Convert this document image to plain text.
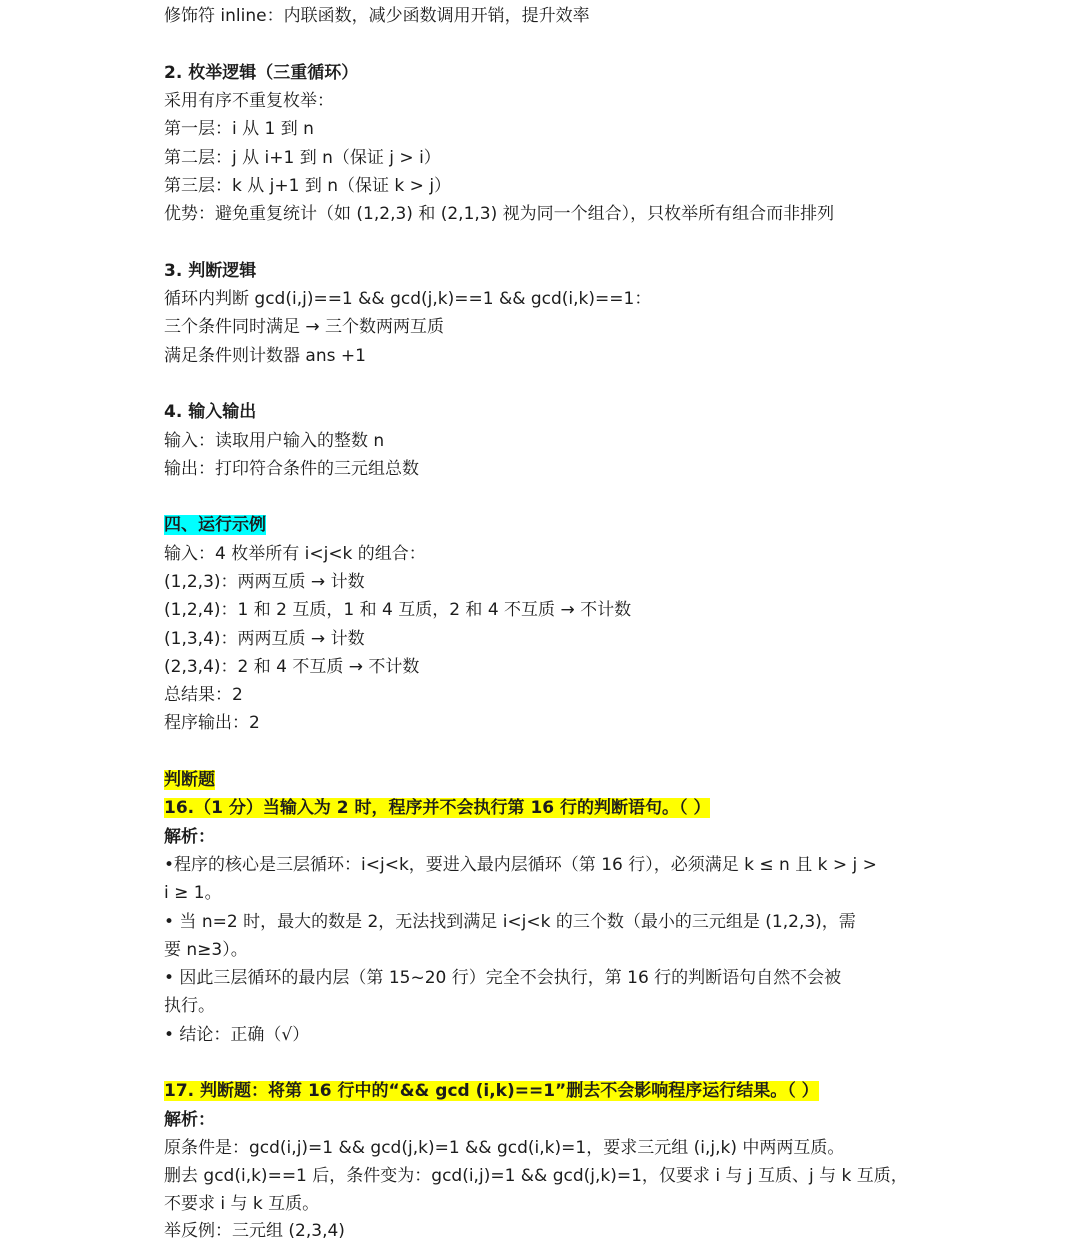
修饰符 inline：内联函数，减少函数调用开销，提升效率
2. 枚举逻辑（三重循环）
采用有序不重复枚举：
第一层：i 从 1 到 n
第二层：j 从 i+1 到 n（保证 j > i）
第三层：k 从 j+1 到 n（保证 k > j）
优势：避免重复统计（如 (1,2,3) 和 (2,1,3) 视为同一个组合），只枚举所有组合而非排列
3. 判断逻辑
循环内判断 gcd(i,j)==1 && gcd(j,k)==1 && gcd(i,k)==1：
三个条件同时满足 → 三个数两两互质
满足条件则计数器 ans +1
4. 输入输出
输入：读取用户输入的整数 n
输出：打印符合条件的三元组总数
四、运行示例
输入：4 枚举所有 i<j<k 的组合：
(1,2,3)：两两互质 → 计数
(1,2,4)：1 和 2 互质，1 和 4 互质，2 和 4 不互质 → 不计数
(1,3,4)：两两互质 → 计数
(2,3,4)：2 和 4 不互质 → 不计数
总结果：2
程序输出：2
判断题
16.（1 分）当输入为 2 时，程序并不会执行第 16 行的判断语句。（ ）
解析：
•程序的核心是三层循环：i<j<k，要进入最内层循环（第 16 行），必须满足 k ≤ n 且 k > j >
i ≥ 1。
• 当 n=2 时，最大的数是 2，无法找到满足 i<j<k 的三个数（最小的三元组是 (1,2,3)，需
要 n≥3）。
• 因此三层循环的最内层（第 15~20 行）完全不会执行，第 16 行的判断语句自然不会被
执行。
• 结论：正确（√）
17. 判断题：将第 16 行中的“&& gcd (i,k)==1”删去不会影响程序运行结果。（ ）
解析：
原条件是：gcd(i,j)=1 && gcd(j,k)=1 && gcd(i,k)=1，要求三元组 (i,j,k) 中两两互质。
删去 gcd(i,k)==1 后，条件变为：gcd(i,j)=1 && gcd(j,k)=1，仅要求 i 与 j 互质、j 与 k 互质，
不要求 i 与 k 互质。
举反例：三元组 (2,3,4)
